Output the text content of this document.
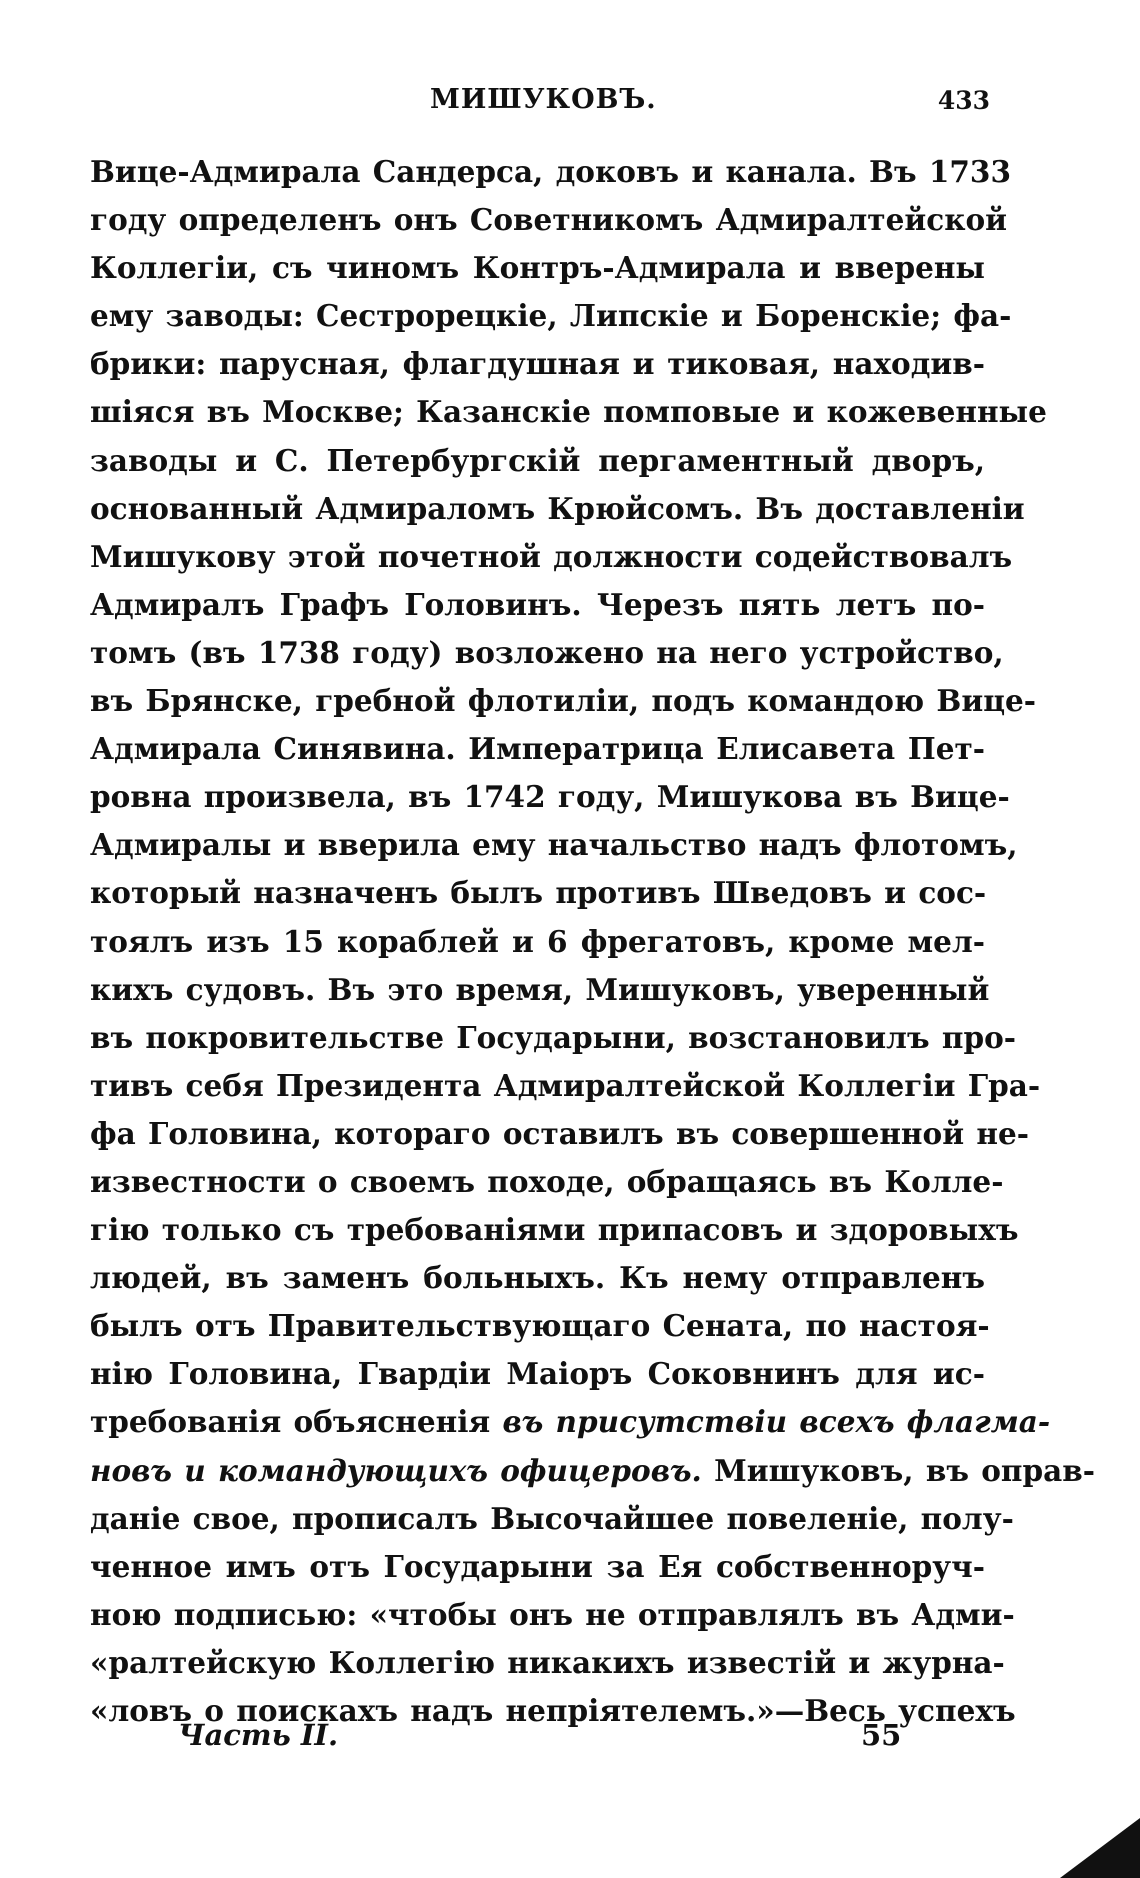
МИШУКОВЪ.	433
Вице-Адмирала Сандерса, доковъ и канала. Въ 1733
году определенъ онъ Советникомъ Адмиралтейской
Коллегіи, съ чиномъ Контръ-Адмирала и вверены
ему заводы: Сестрорецкіе, Липскіе и Боренскіе; фа-
брики: парусная, флагдушная и тиковая, находив-
шіяся въ Москве; Казанскіе помповые и кожевенные
заводы и С. Петербургскій пергаментный дворъ,
основанный Адмираломъ Крюйсомъ. Въ доставленіи
Мишукову этой почетной должности содействовалъ
Адмиралъ Графъ Головинъ. Черезъ пять летъ по-
томъ (въ 1738 году) возложено на него устройство,
въ Брянске, гребной флотиліи, подъ командою Вице-
Адмирала Синявина. Императрица Елисавета Пет-
ровна произвела, въ 1742 году, Мишукова въ Вице-
Адмиралы и вверила ему начальство надъ флотомъ,
который назначенъ былъ противъ Шведовъ и сос-
тоялъ изъ 15 кораблей и 6 фрегатовъ, кроме мел-
кихъ судовъ. Въ это время, Мишуковъ, уверенный
въ покровительстве Государыни, возстановилъ про-
тивъ себя Президента Адмиралтейской Коллегіи Гра-
фа Головина, котораго оставилъ въ совершенной не-
известности о своемъ походе, обращаясь въ Колле-
гію только съ требованіями припасовъ и здоровыхъ
людей, въ заменъ больныхъ. Къ нему отправленъ
былъ отъ Правительствующаго Сената, по настоя-
нію Головина, Гвардіи Маіоръ Соковнинъ для ис-
требованія объясненія въ присутствіи всехъ флагма-
новъ и командующихъ офицеровъ. Мишуковъ, въ оправ-
даніе свое, прописалъ Высочайшее повеленіе, полу-
ченное имъ отъ Государыни за Ея собственноруч-
ною подписью: «чтобы онъ не отправлялъ въ Адми-
«ралтейскую Коллегію никакихъ известій и журна-
«ловъ о поискахъ надъ непріятелемъ.»—Весь успехъ
Часть II.	55
